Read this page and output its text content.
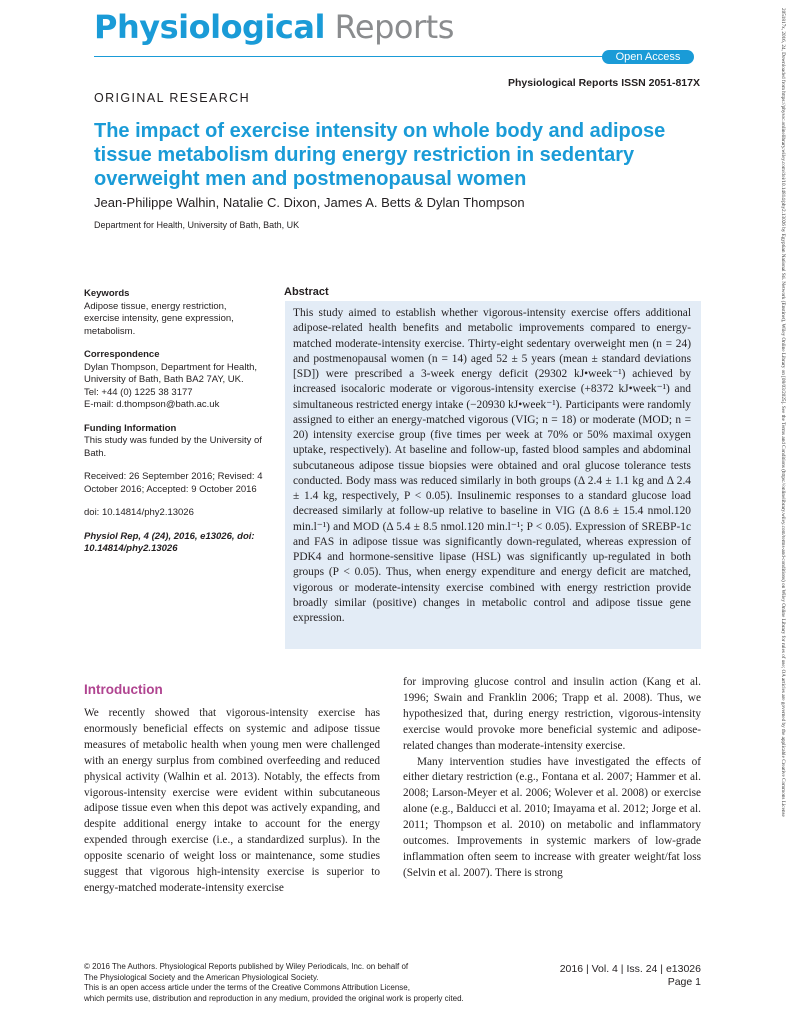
Physiological Reports
Open Access
Physiological Reports ISSN 2051-817X
ORIGINAL RESEARCH
The impact of exercise intensity on whole body and adipose tissue metabolism during energy restriction in sedentary overweight men and postmenopausal women
Jean-Philippe Walhin, Natalie C. Dixon, James A. Betts & Dylan Thompson
Department for Health, University of Bath, Bath, UK
Keywords
Adipose tissue, energy restriction, exercise intensity, gene expression, metabolism.
Correspondence
Dylan Thompson, Department for Health, University of Bath, Bath BA2 7AY, UK.
Tel: +44 (0) 1225 38 3177
E-mail: d.thompson@bath.ac.uk
Funding Information
This study was funded by the University of Bath.
Received: 26 September 2016; Revised: 4 October 2016; Accepted: 9 October 2016
doi: 10.14814/phy2.13026
Physiol Rep, 4 (24), 2016, e13026, doi: 10.14814/phy2.13026
Abstract
This study aimed to establish whether vigorous-intensity exercise offers additional adipose-related health benefits and metabolic improvements compared to energy-matched moderate-intensity exercise. Thirty-eight sedentary overweight men (n = 24) and postmenopausal women (n = 14) aged 52 ± 5 years (mean ± standard deviations [SD]) were prescribed a 3-week energy deficit (29302 kJ•week⁻¹) achieved by increased isocaloric moderate or vigorous-intensity exercise (+8372 kJ•week⁻¹) and simultaneous restricted energy intake (−20930 kJ•week⁻¹). Participants were randomly assigned to either an energy-matched vigorous (VIG; n = 18) or moderate (MOD; n = 20) intensity exercise group (five times per week at 70% or 50% maximal oxygen uptake, respectively). At baseline and follow-up, fasted blood samples and abdominal subcutaneous adipose tissue biopsies were obtained and oral glucose tolerance tests conducted. Body mass was reduced similarly in both groups (Δ 2.4 ± 1.1 kg and Δ 2.4 ± 1.4 kg, respectively, P < 0.05). Insulinemic responses to a standard glucose load decreased similarly at follow-up relative to baseline in VIG (Δ 8.6 ± 15.4 nmol.120 min.l⁻¹) and MOD (Δ 5.4 ± 8.5 nmol.120 min.l⁻¹; P < 0.05). Expression of SREBP-1c and FAS in adipose tissue was significantly down-regulated, whereas expression of PDK4 and hormone-sensitive lipase (HSL) was significantly up-regulated in both groups (P < 0.05). Thus, when energy expenditure and energy deficit are matched, vigorous or moderate-intensity exercise combined with energy restriction provide broadly similar (positive) changes in metabolic control and adipose tissue gene expression.
Introduction

We recently showed that vigorous-intensity exercise has enormously beneficial effects on systemic and adipose tissue measures of metabolic health when young men were challenged with an energy surplus from combined overfeeding and reduced physical activity (Walhin et al. 2013). Notably, the effects from vigorous-intensity exercise were evident within subcutaneous adipose tissue even when this depot was actively expanding, and despite additional energy intake to account for the energy expended through exercise (i.e., a standardized surplus). In the opposite scenario of weight loss or maintenance, some studies suggest that vigorous high-intensity exercise is superior to energy-matched moderate-intensity exercise

for improving glucose control and insulin action (Kang et al. 1996; Swain and Franklin 2006; Trapp et al. 2008). Thus, we hypothesized that, during energy restriction, vigorous-intensity exercise would provoke more beneficial systemic and adipose-related changes than moderate-intensity exercise.

Many intervention studies have investigated the effects of either dietary restriction (e.g., Fontana et al. 2007; Hammer et al. 2008; Larson-Meyer et al. 2006; Wolever et al. 2008) or exercise alone (e.g., Balducci et al. 2010; Imayama et al. 2012; Jorge et al. 2011; Thompson et al. 2010) on metabolic and inflammatory outcomes. Improvements in systemic markers of low-grade inflammation often seem to increase with greater weight/fat loss (Selvin et al. 2007). There is strong

© 2016 The Authors. Physiological Reports published by Wiley Periodicals, Inc. on behalf of
The Physiological Society and the American Physiological Society.
This is an open access article under the terms of the Creative Commons Attribution License,
which permits use, distribution and reproduction in any medium, provided the original work is properly cited.
2016 | Vol. 4 | Iss. 24 | e13026
Page 1
2051817x, 2016, 24, Downloaded from https://physoc.onlinelibrary.wiley.com/doi/10.14814/phy2.13026 by Egyptian National Sti. Network (Enstinet), Wiley Online Library on [08/03/2025]. See the Terms and Conditions (https://onlinelibrary.wiley.com/terms-and-conditions) on Wiley Online Library for rules of use; OA articles are governed by the applicable Creative Commons License
